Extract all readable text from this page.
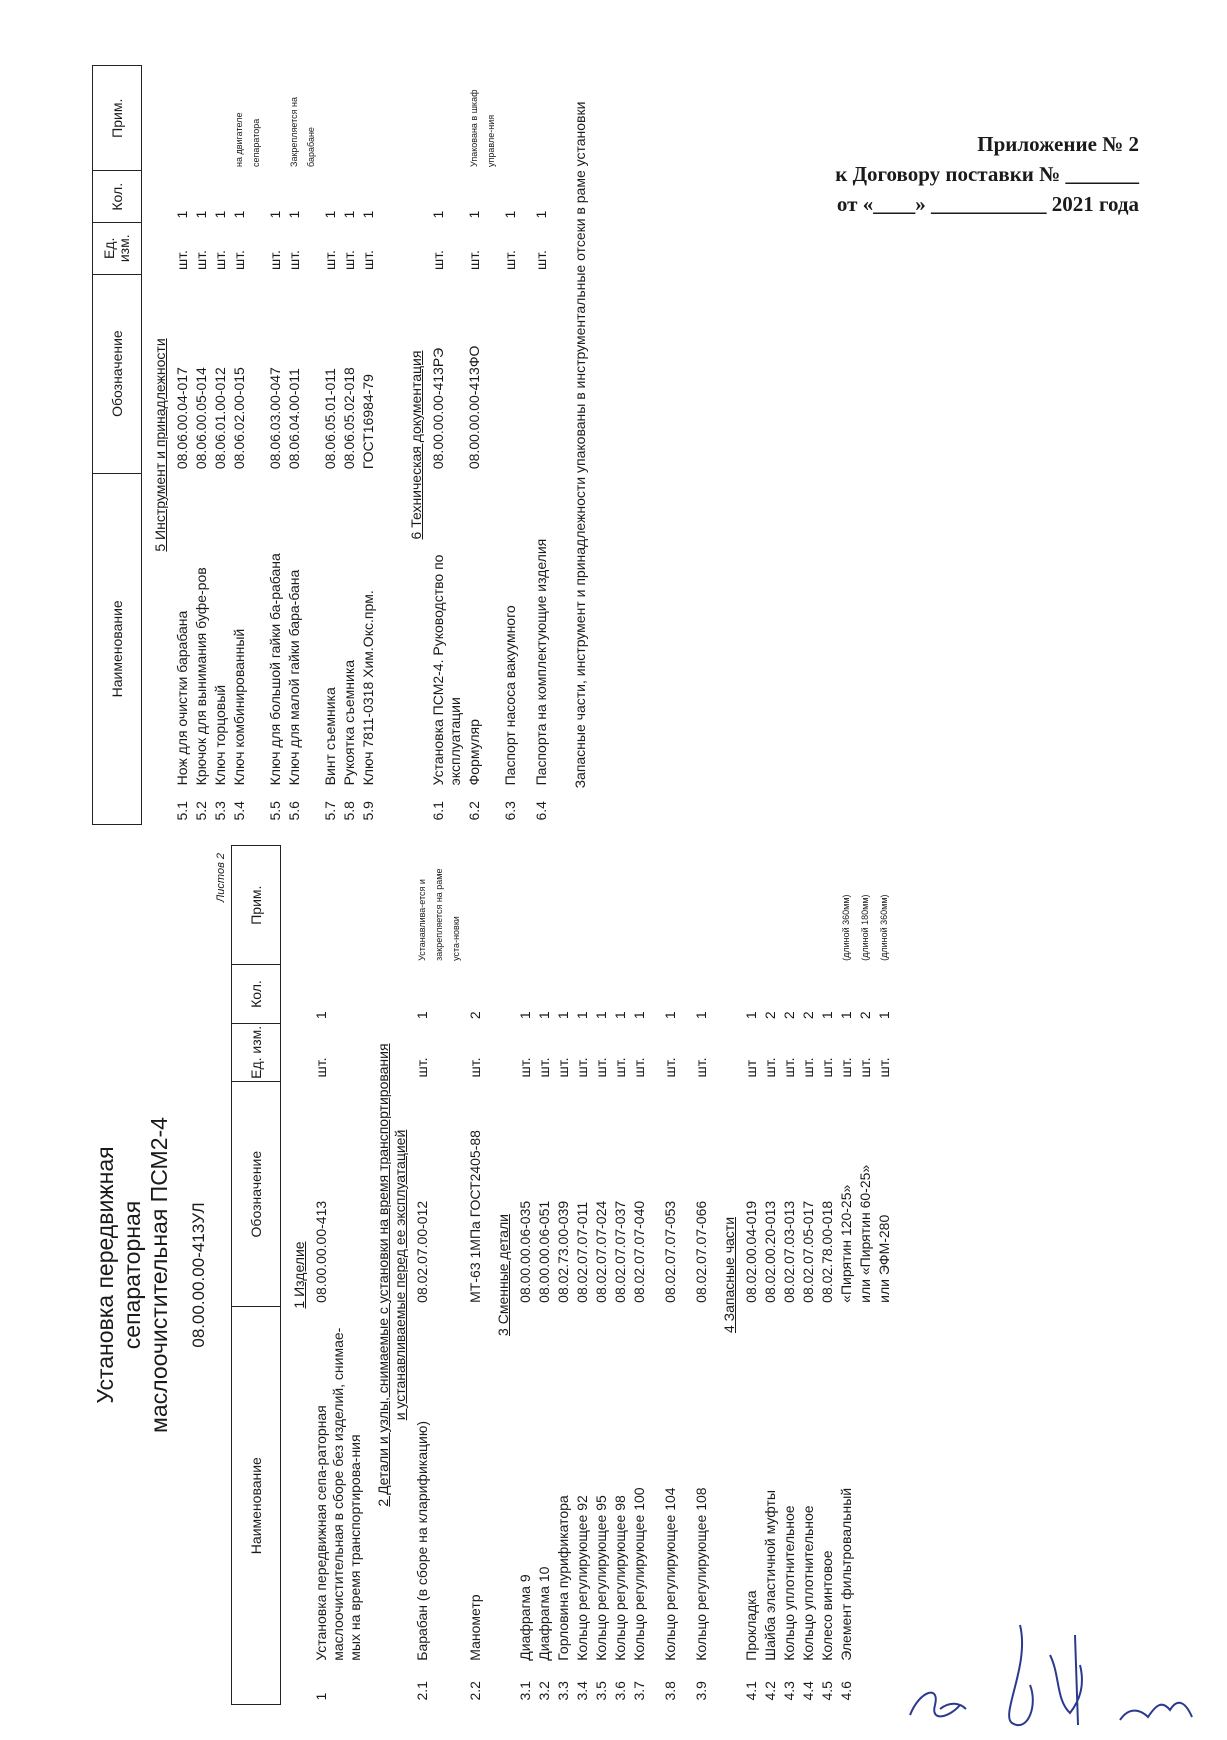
Приложение № 2
к Договору поставки № _______
от «____» ___________ 2021 года
Установка передвижная сепараторная маслоочистительная ПСМ2-4 08.00.00.00-413УЛ
Листов 2
Наименование		Обозначение	Ед. изм.	Кол.	Прим.
1 Изделие					
1	Установка передвижная сепа-раторная маслоочистительная в сборе без изделий, снимае-мых на время транспортирова-ния	08.00.00.00-413	шт.	1	
2 Детали и узлы, снимаемые с установки на время транспортирования
и устанавливаемые перед ее эксплуатацией					
2.1	Барабан (в сборе на кларификацию)	08.02.07.00-012	шт.	1	Устанавлива-ется и закрепляется на раме уста-новки
2.2	Манометр	МТ-63 1МПа ГОСТ2405-88	шт.	2	
3 Сменные детали					
3.1	Диафрагма 9	08.00.00.06-035	шт.	1	
3.2	Диафрагма 10	08.00.00.06-051	шт.	1	
3.3	Горловина пурификатора	08.02.73.00-039	шт.	1	
3.4	Кольцо регулирующее 92	08.02.07.07-011	шт.	1	
3.5	Кольцо регулирующее 95	08.02.07.07-024	шт.	1	
3.6	Кольцо регулирующее 98	08.02.07.07-037	шт.	1	
3.7	Кольцо регулирующее 100	08.02.07.07-040	шт.	1	

3.8	Кольцо регулирующее 104	08.02.07.07-053	шт.	1	

3.9	Кольцо регулирующее 108	08.02.07.07-066	шт.	1	
4 Запасные части					
4.1	Прокладка	08.02.00.04-019	шт	1	
4.2	Шайба эластичной муфты	08.02.00.20-013	шт.	2	
4.3	Кольцо уплотнительное	08.02.07.03-013	шт.	2	
4.4	Кольцо уплотнительное	08.02.07.05-017	шт.	2	
4.5	Колесо винтовое	08.02.78.00-018	шт.	1	
4.6	Элемент фильтровальный	«Пирятин 120-25»	шт.	1	(длиной 360мм)
		или «Пирятин 60-25»	шт.	2	(длиной 180мм)
		или ЭФМ-280	шт.	1	(длиной 360мм)
Наименование		Обозначение	Ед. изм.	Кол.	Прим.
5 Инструмент и принадлежности					
5.1	Нож для очистки барабана	08.06.00.04-017	шт.	1	
5.2	Крючок для вынимания буфе-ров	08.06.00.05-014	шт.	1	
5.3	Ключ торцовый	08.06.01.00-012	шт.	1	
5.4	Ключ комбинированный	08.06.02.00-015	шт.	1	на двигателе сепаратора
5.5	Ключ для большой гайки ба-рабана	08.06.03.00-047	шт.	1	
5.6	Ключ для малой гайки бара-бана	08.06.04.00-011	шт.	1	Закрепляется на барабане
5.7	Винт съемника	08.06.05.01-011	шт.	1	
5.8	Рукоятка съемника	08.06.05.02-018	шт.	1	
5.9	Ключ 7811-0318 Хим.Окс.прм.	ГОСТ16984-79	шт.	1	
6 Техническая документация					
6.1	Установка ПСМ2-4. Руководство по эксплуатации	08.00.00.00-413РЭ	шт.	1	
6.2	Формуляр	08.00.00.00-413ФО	шт.	1	Упакована в шкаф управле-ния
6.3	Паспорт насоса вакуумного		шт.	1	

6.4	Паспорта на комплектующие изделия		шт.	1	Запасные части, инструмент и принадлежности упакованы в инструментальные отсеки в раме установки
